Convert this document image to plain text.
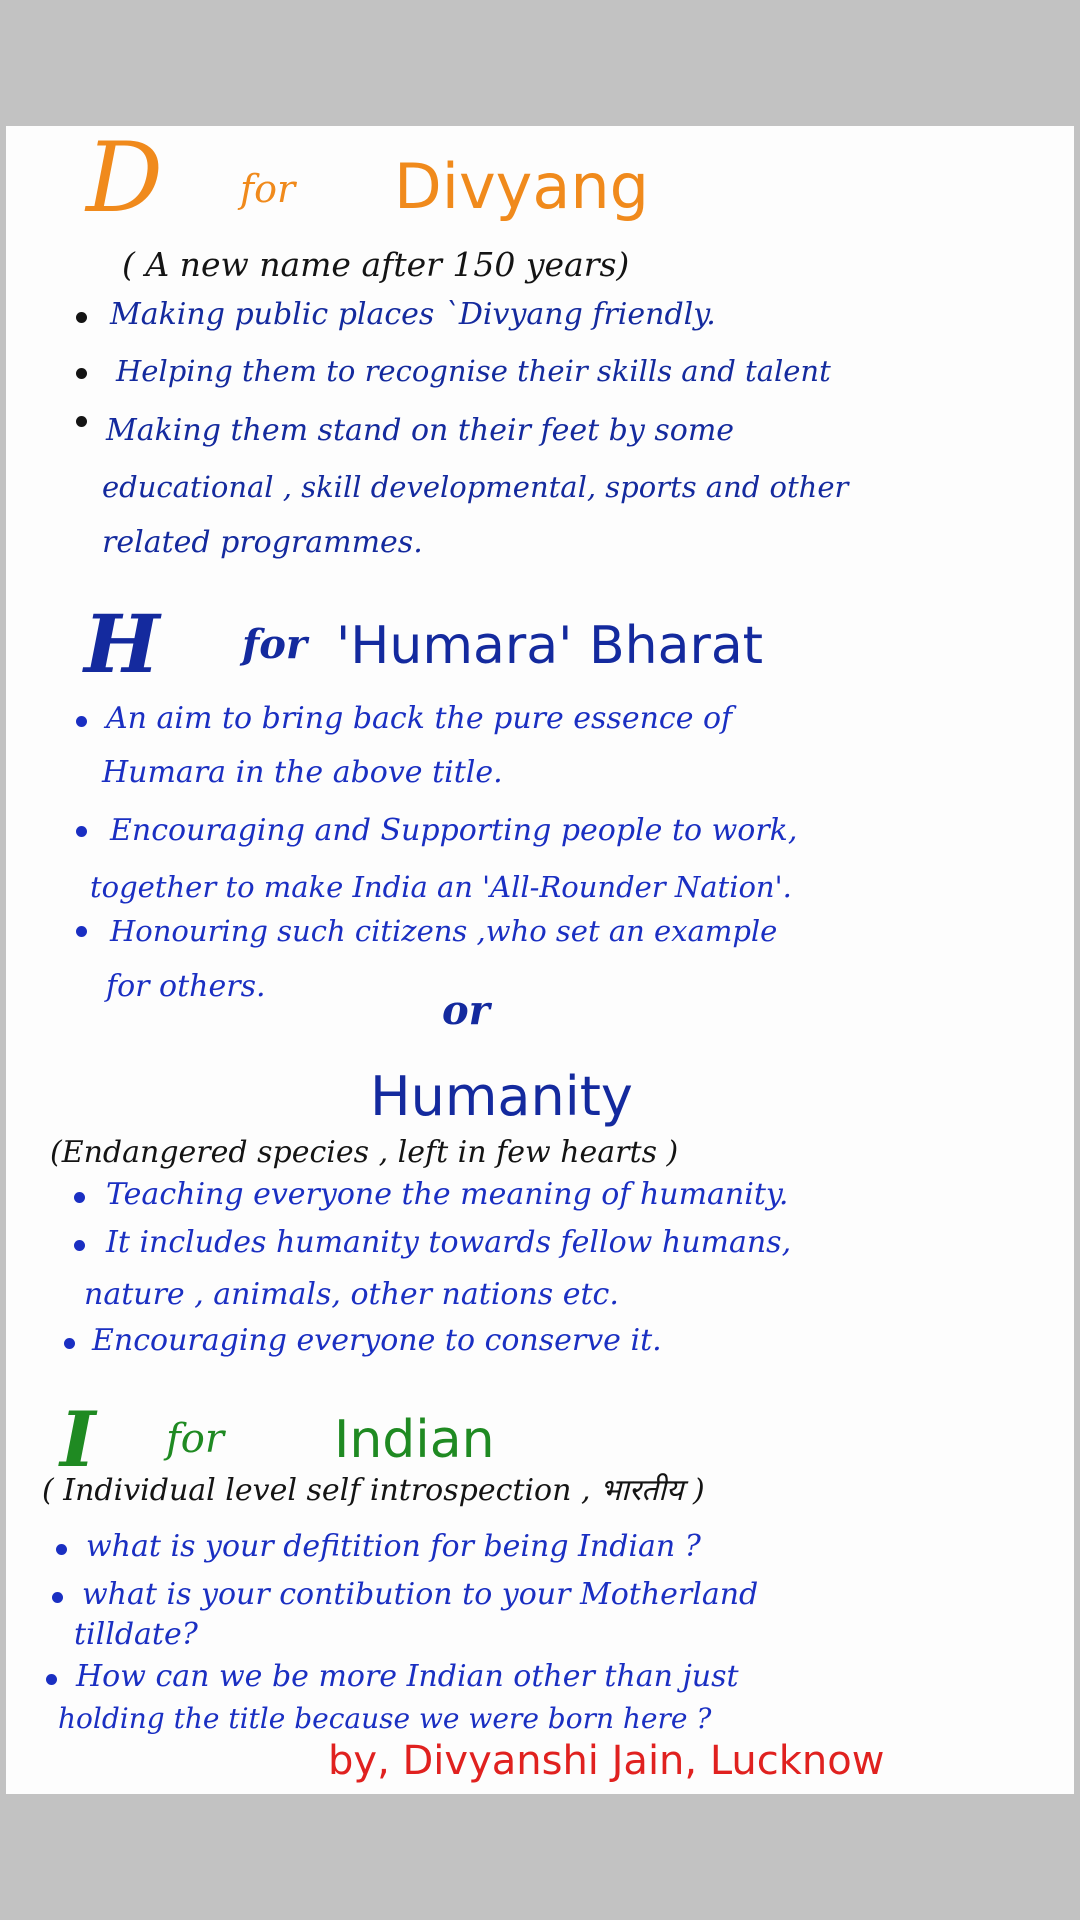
D for Divyang
( A new name after 150 years)
Making public places `Divyang friendly.
Helping them to recognise their skills and talent
Making them stand on their feet by some
educational , skill developmental, sports and other
related programmes.
H for 'Humara' Bharat
An aim to bring back the pure essence of
Humara in the above title.
Encouraging and Supporting people to work,
together to make India an 'All-Rounder Nation'.
Honouring such citizens ,who set an example
for others.
or
Humanity
(Endangered species , left in few hearts )
Teaching everyone the meaning of humanity.
It includes humanity towards fellow humans,
nature , animals, other nations etc.
Encouraging everyone to conserve it.
I for Indian
( Individual level self introspection , भारतीय )
what is your defitition for being Indian ?
what is your contibution to your Motherland
tilldate?
How can we be more Indian other than just
holding the title because we were born here ?
by, Divyanshi Jain, Lucknow
